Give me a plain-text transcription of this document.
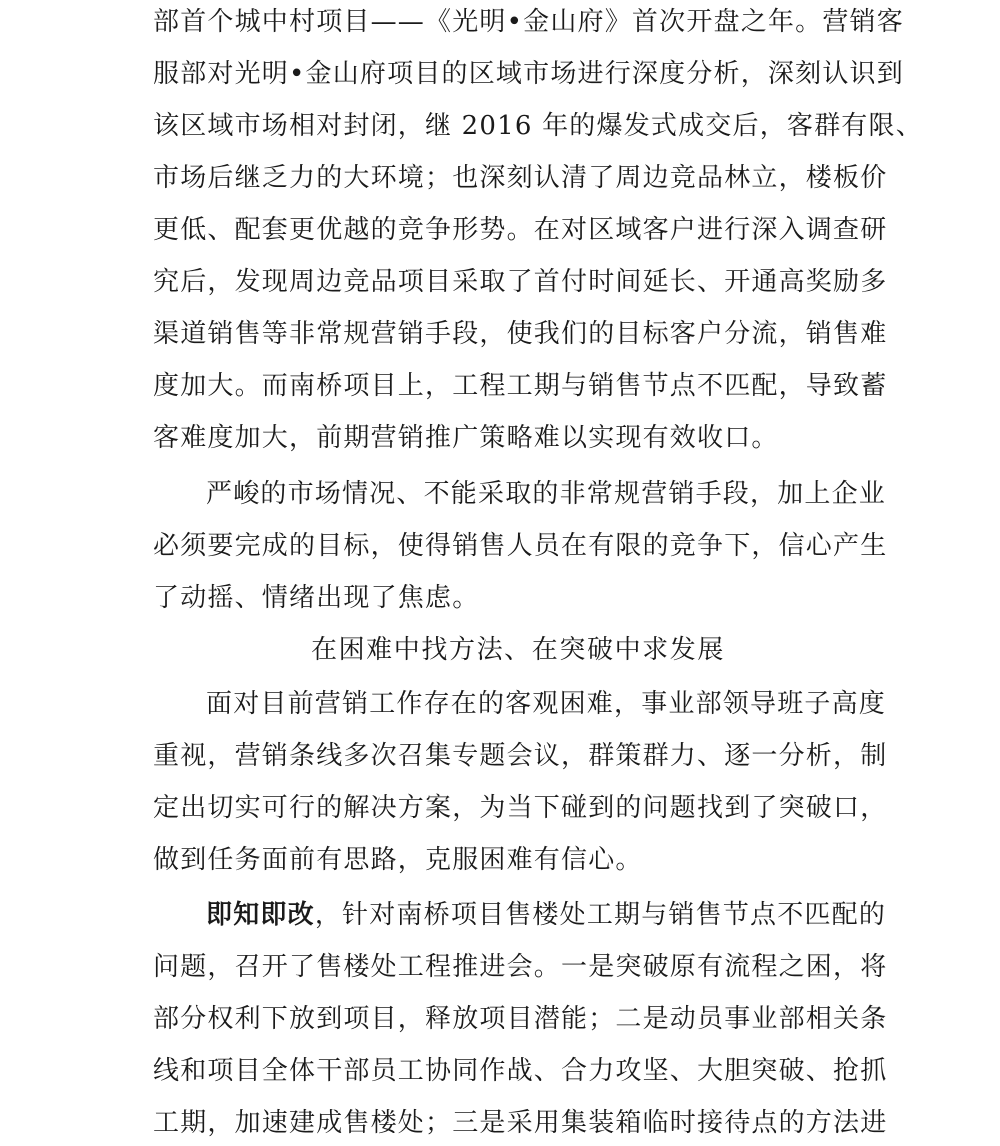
部首个城中村项目——《光明•金山府》首次开盘之年。营销客
服部对光明•金山府项目的区域市场进行深度分析，深刻认识到
该区域市场相对封闭，继 2016 年的爆发式成交后，客群有限、
市场后继乏力的大环境；也深刻认清了周边竞品林立，楼板价
更低、配套更优越的竞争形势。在对区域客户进行深入调查研
究后，发现周边竞品项目采取了首付时间延长、开通高奖励多
渠道销售等非常规营销手段，使我们的目标客户分流，销售难
度加大。而南桥项目上，工程工期与销售节点不匹配，导致蓄
客难度加大，前期营销推广策略难以实现有效收口。
严峻的市场情况、不能采取的非常规营销手段，加上企业
必须要完成的目标，使得销售人员在有限的竞争下，信心产生
了动摇、情绪出现了焦虑。
在困难中找方法、在突破中求发展
面对目前营销工作存在的客观困难，事业部领导班子高度
重视，营销条线多次召集专题会议，群策群力、逐一分析，制
定出切实可行的解决方案，为当下碰到的问题找到了突破口，
做到任务面前有思路，克服困难有信心。
即知即改，针对南桥项目售楼处工期与销售节点不匹配的
问题，召开了售楼处工程推进会。一是突破原有流程之困，将
部分权利下放到项目，释放项目潜能；二是动员事业部相关条
线和项目全体干部员工协同作战、合力攻坚、大胆突破、抢抓
工期，加速建成售楼处；三是采用集装箱临时接待点的方法进
